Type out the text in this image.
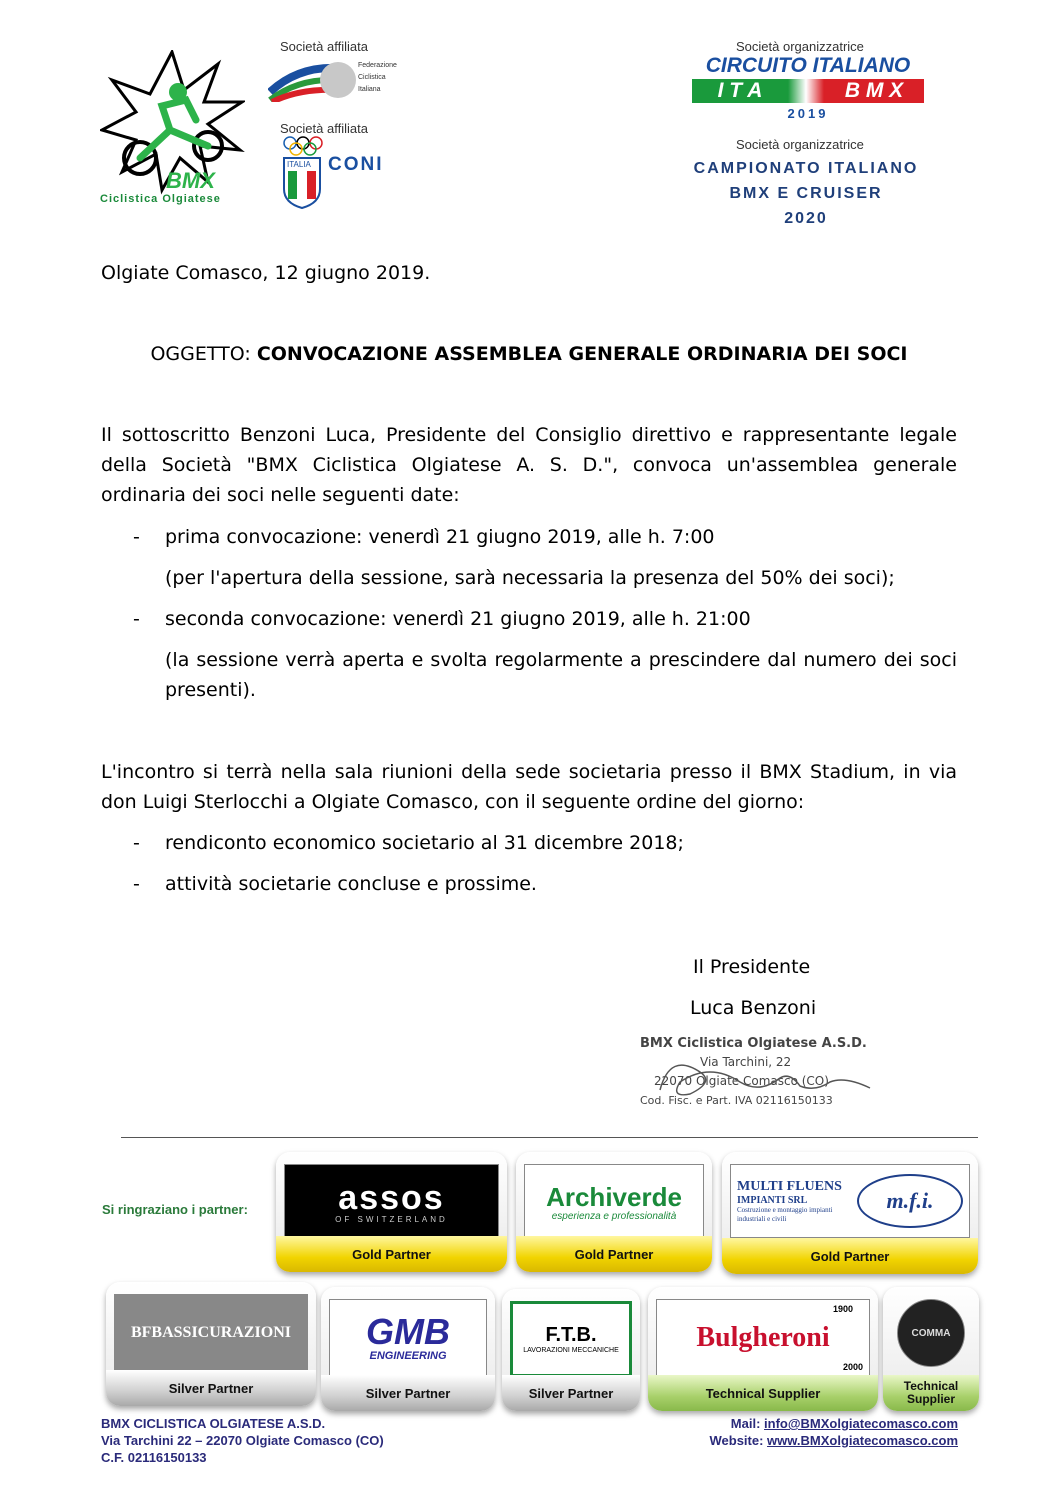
BMX
Ciclistica Olgiatese
Società affiliata
Federazione
Ciclistica
Italiana
Società affiliata
ITALIA CONI
Società organizzatrice
CIRCUITO ITALIANO
I T A	B M X
2019
Società organizzatrice
CAMPIONATO ITALIANO
BMX E CRUISER
2020
Olgiate Comasco, 12 giugno 2019.
OGGETTO: CONVOCAZIONE ASSEMBLEA GENERALE ORDINARIA DEI SOCI
Il sottoscritto Benzoni Luca, Presidente del Consiglio direttivo e rappresentante legale della Società "BMX Ciclistica Olgiatese A. S. D.", convoca un'assemblea generale ordinaria dei soci nelle seguenti date:
- prima convocazione: venerdì 21 giugno 2019, alle h. 7:00
(per l'apertura della sessione, sarà necessaria la presenza del 50% dei soci);
- seconda convocazione: venerdì 21 giugno 2019, alle h. 21:00
(la sessione verrà aperta e svolta regolarmente a prescindere dal numero dei soci presenti).
L'incontro si terrà nella sala riunioni della sede societaria presso il BMX Stadium, in via don Luigi Sterlocchi a Olgiate Comasco, con il seguente ordine del giorno:
- rendiconto economico societario al 31 dicembre 2018;
- attività societarie concluse e prossime.
Il Presidente
Luca Benzoni
BMX Ciclistica Olgiatese A.S.D.
Via Tarchini, 22
22070 Olgiate Comasco (CO)
Cod. Fisc. e Part. IVA 02116150133
Si ringraziano i partner:	assos
OF SWITZERLAND
Gold Partner
Archiverde
esperienza e professionalità
Gold Partner
MULTI FLUENS
IMPIANTI SRL
Costruzione e montaggio impianti industriali e civili
m.f.i.
Gold Partner
BFBASSICURAZIONI
Silver Partner
GMB
ENGINEERING
Silver Partner
F.T.B.
LAVORAZIONI MECCANICHE
Silver Partner
1900
Bulgheroni
2000
Technical Supplier
COMMA
Technical Supplier
BMX CICLISTICA OLGIATESE A.S.D.
Via Tarchini 22 – 22070 Olgiate Comasco (CO)
C.F. 02116150133
Mail: info@BMXolgiatecomasco.com
Website: www.BMXolgiatecomasco.com
